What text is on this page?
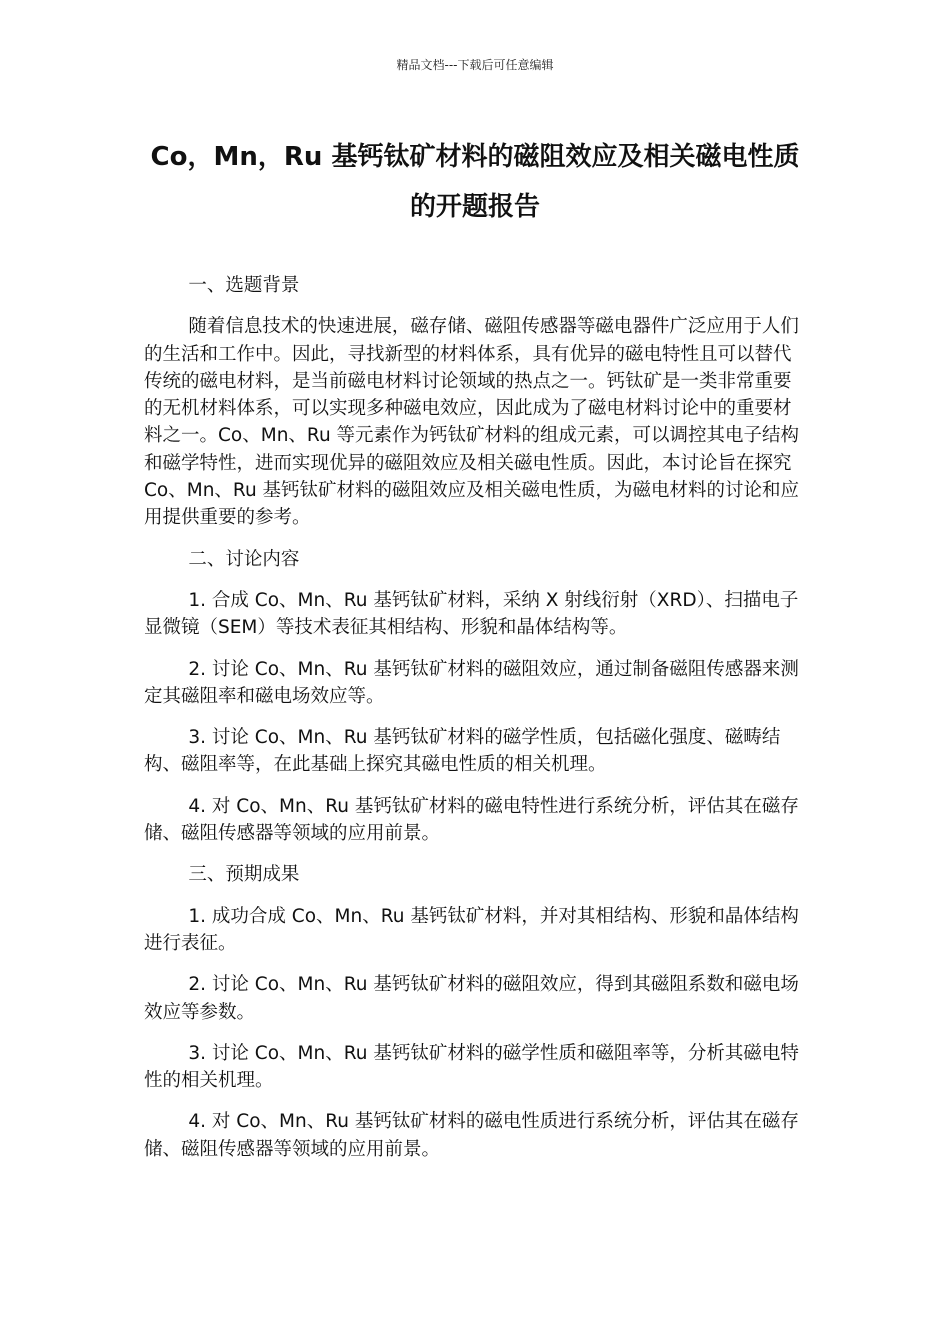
精品文档---下载后可任意编辑
Co，Mn，Ru 基钙钛矿材料的磁阻效应及相关磁电性质的开题报告

一、选题背景

随着信息技术的快速进展，磁存储、磁阻传感器等磁电器件广泛应用于人们的生活和工作中。因此，寻找新型的材料体系，具有优异的磁电特性且可以替代传统的磁电材料，是当前磁电材料讨论领域的热点之一。钙钛矿是一类非常重要的无机材料体系，可以实现多种磁电效应，因此成为了磁电材料讨论中的重要材料之一。Co、Mn、Ru 等元素作为钙钛矿材料的组成元素，可以调控其电子结构和磁学特性，进而实现优异的磁阻效应及相关磁电性质。因此，本讨论旨在探究 Co、Mn、Ru 基钙钛矿材料的磁阻效应及相关磁电性质，为磁电材料的讨论和应用提供重要的参考。

二、讨论内容

1. 合成 Co、Mn、Ru 基钙钛矿材料，采纳 X 射线衍射（XRD）、扫描电子显微镜（SEM）等技术表征其相结构、形貌和晶体结构等。

2. 讨论 Co、Mn、Ru 基钙钛矿材料的磁阻效应，通过制备磁阻传感器来测定其磁阻率和磁电场效应等。

3. 讨论 Co、Mn、Ru 基钙钛矿材料的磁学性质，包括磁化强度、磁畴结构、磁阻率等，在此基础上探究其磁电性质的相关机理。

4. 对 Co、Mn、Ru 基钙钛矿材料的磁电特性进行系统分析，评估其在磁存储、磁阻传感器等领域的应用前景。

三、预期成果

1. 成功合成 Co、Mn、Ru 基钙钛矿材料，并对其相结构、形貌和晶体结构进行表征。

2. 讨论 Co、Mn、Ru 基钙钛矿材料的磁阻效应，得到其磁阻系数和磁电场效应等参数。

3. 讨论 Co、Mn、Ru 基钙钛矿材料的磁学性质和磁阻率等，分析其磁电特性的相关机理。

4. 对 Co、Mn、Ru 基钙钛矿材料的磁电性质进行系统分析，评估其在磁存储、磁阻传感器等领域的应用前景。
